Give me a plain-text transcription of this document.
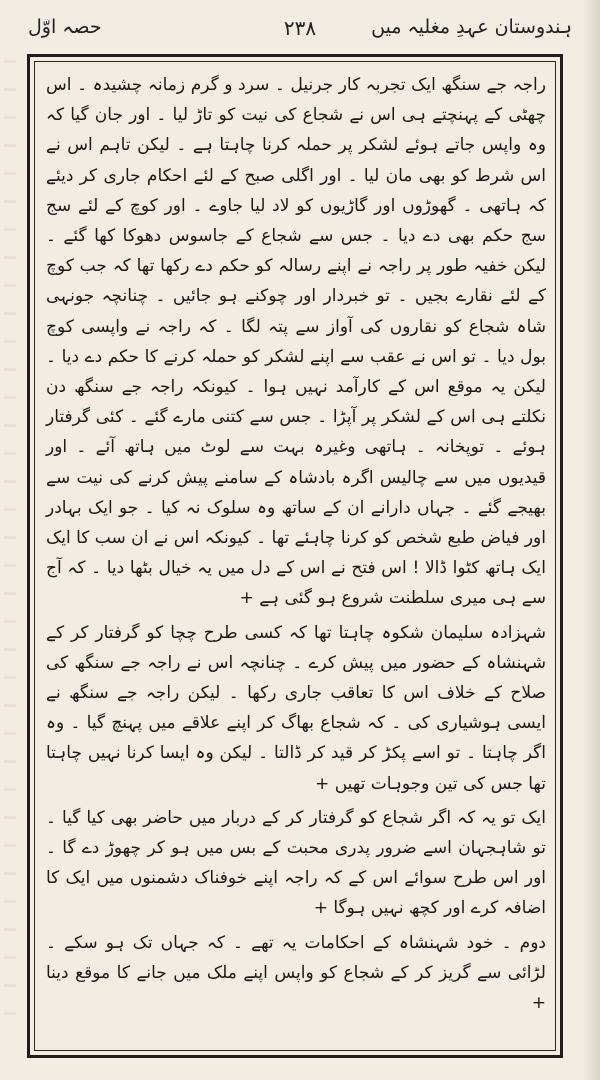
ہندوستان عہدِ مغلیہ میں
۲۳۸
حصہ اوّل

راجہ جے سنگھ ایک تجربہ کار جرنیل ۔ سرد و گرم زمانہ چشیدہ ۔ اس چھٹی کے پہنچتے ہی اس نے شجاع کی نیت کو تاڑ لیا ۔ اور جان گیا کہ وہ واپس جاتے ہوئے لشکر پر حملہ کرنا چاہتا ہے ۔ لیکن تاہم اس نے اس شرط کو بھی مان لیا ۔ اور اگلی صبح کے لئے احکام جاری کر دیئے کہ ہاتھی ۔ گھوڑوں اور گاڑیوں کو لاد لیا جاوے ۔ اور کوچ کے لئے سج سج حکم بھی دے دیا ۔ جس سے شجاع کے جاسوس دھوکا کھا گئے ۔ لیکن خفیہ طور پر راجہ نے اپنے رسالہ کو حکم دے رکھا تھا کہ جب کوچ کے لئے نقارے بجیں ۔ تو خبردار اور چوکنے ہو جائیں ۔ چنانچہ جونہی شاہ شجاع کو نقاروں کی آواز سے پتہ لگا ۔ کہ راجہ نے واپسی کوچ بول دیا ۔ تو اس نے عقب سے اپنے لشکر کو حملہ کرنے کا حکم دے دیا ۔ لیکن یہ موقع اس کے کارآمد نہیں ہوا ۔ کیونکہ راجہ جے سنگھ دن نکلتے ہی اس کے لشکر پر آپڑا ۔ جس سے کتنی مارے گئے ۔ کئی گرفتار ہوئے ۔ توپخانہ ۔ ہاتھی وغیرہ بہت سے لوٹ میں ہاتھ آئے ۔ اور قیدیوں میں سے چالیس اگرہ بادشاہ کے سامنے پیش کرنے کی نیت سے بھیجے گئے ۔ جہاں دارانے ان کے ساتھ وہ سلوک نہ کیا ۔ جو ایک بہادر اور فیاض طبع شخص کو کرنا چاہئے تھا ۔ کیونکہ اس نے ان سب کا ایک ایک ہاتھ کٹوا ڈالا ! اس فتح نے اس کے دل میں یہ خیال بٹھا دیا ۔ کہ آج سے ہی میری سلطنت شروع ہو گئی ہے +

شہزادہ سلیمان شکوہ چاہتا تھا کہ کسی طرح چچا کو گرفتار کر کے شہنشاہ کے حضور میں پیش کرے ۔ چنانچہ اس نے راجہ جے سنگھ کی صلاح کے خلاف اس کا تعاقب جاری رکھا ۔ لیکن راجہ جے سنگھ نے ایسی ہوشیاری کی ۔ کہ شجاع بھاگ کر اپنے علاقے میں پہنچ گیا ۔ وہ اگر چاہتا ۔ تو اسے پکڑ کر قید کر ڈالتا ۔ لیکن وہ ایسا کرنا نہیں چاہتا تھا جس کی تین وجوہات تھیں +

ایک تو یہ کہ اگر شجاع کو گرفتار کر کے دربار میں حاضر بھی کیا گیا ۔ تو شاہجہان اسے ضرور پدری محبت کے بس میں ہو کر چھوڑ دے گا ۔ اور اس طرح سوائے اس کے کہ راجہ اپنے خوفناک دشمنوں میں ایک کا اضافہ کرے اور کچھ نہیں ہوگا +

دوم ۔ خود شہنشاہ کے احکامات یہ تھے ۔ کہ جہاں تک ہو سکے ۔ لڑائی سے گریز کر کے شجاع کو واپس اپنے ملک میں جانے کا موقع دینا +
